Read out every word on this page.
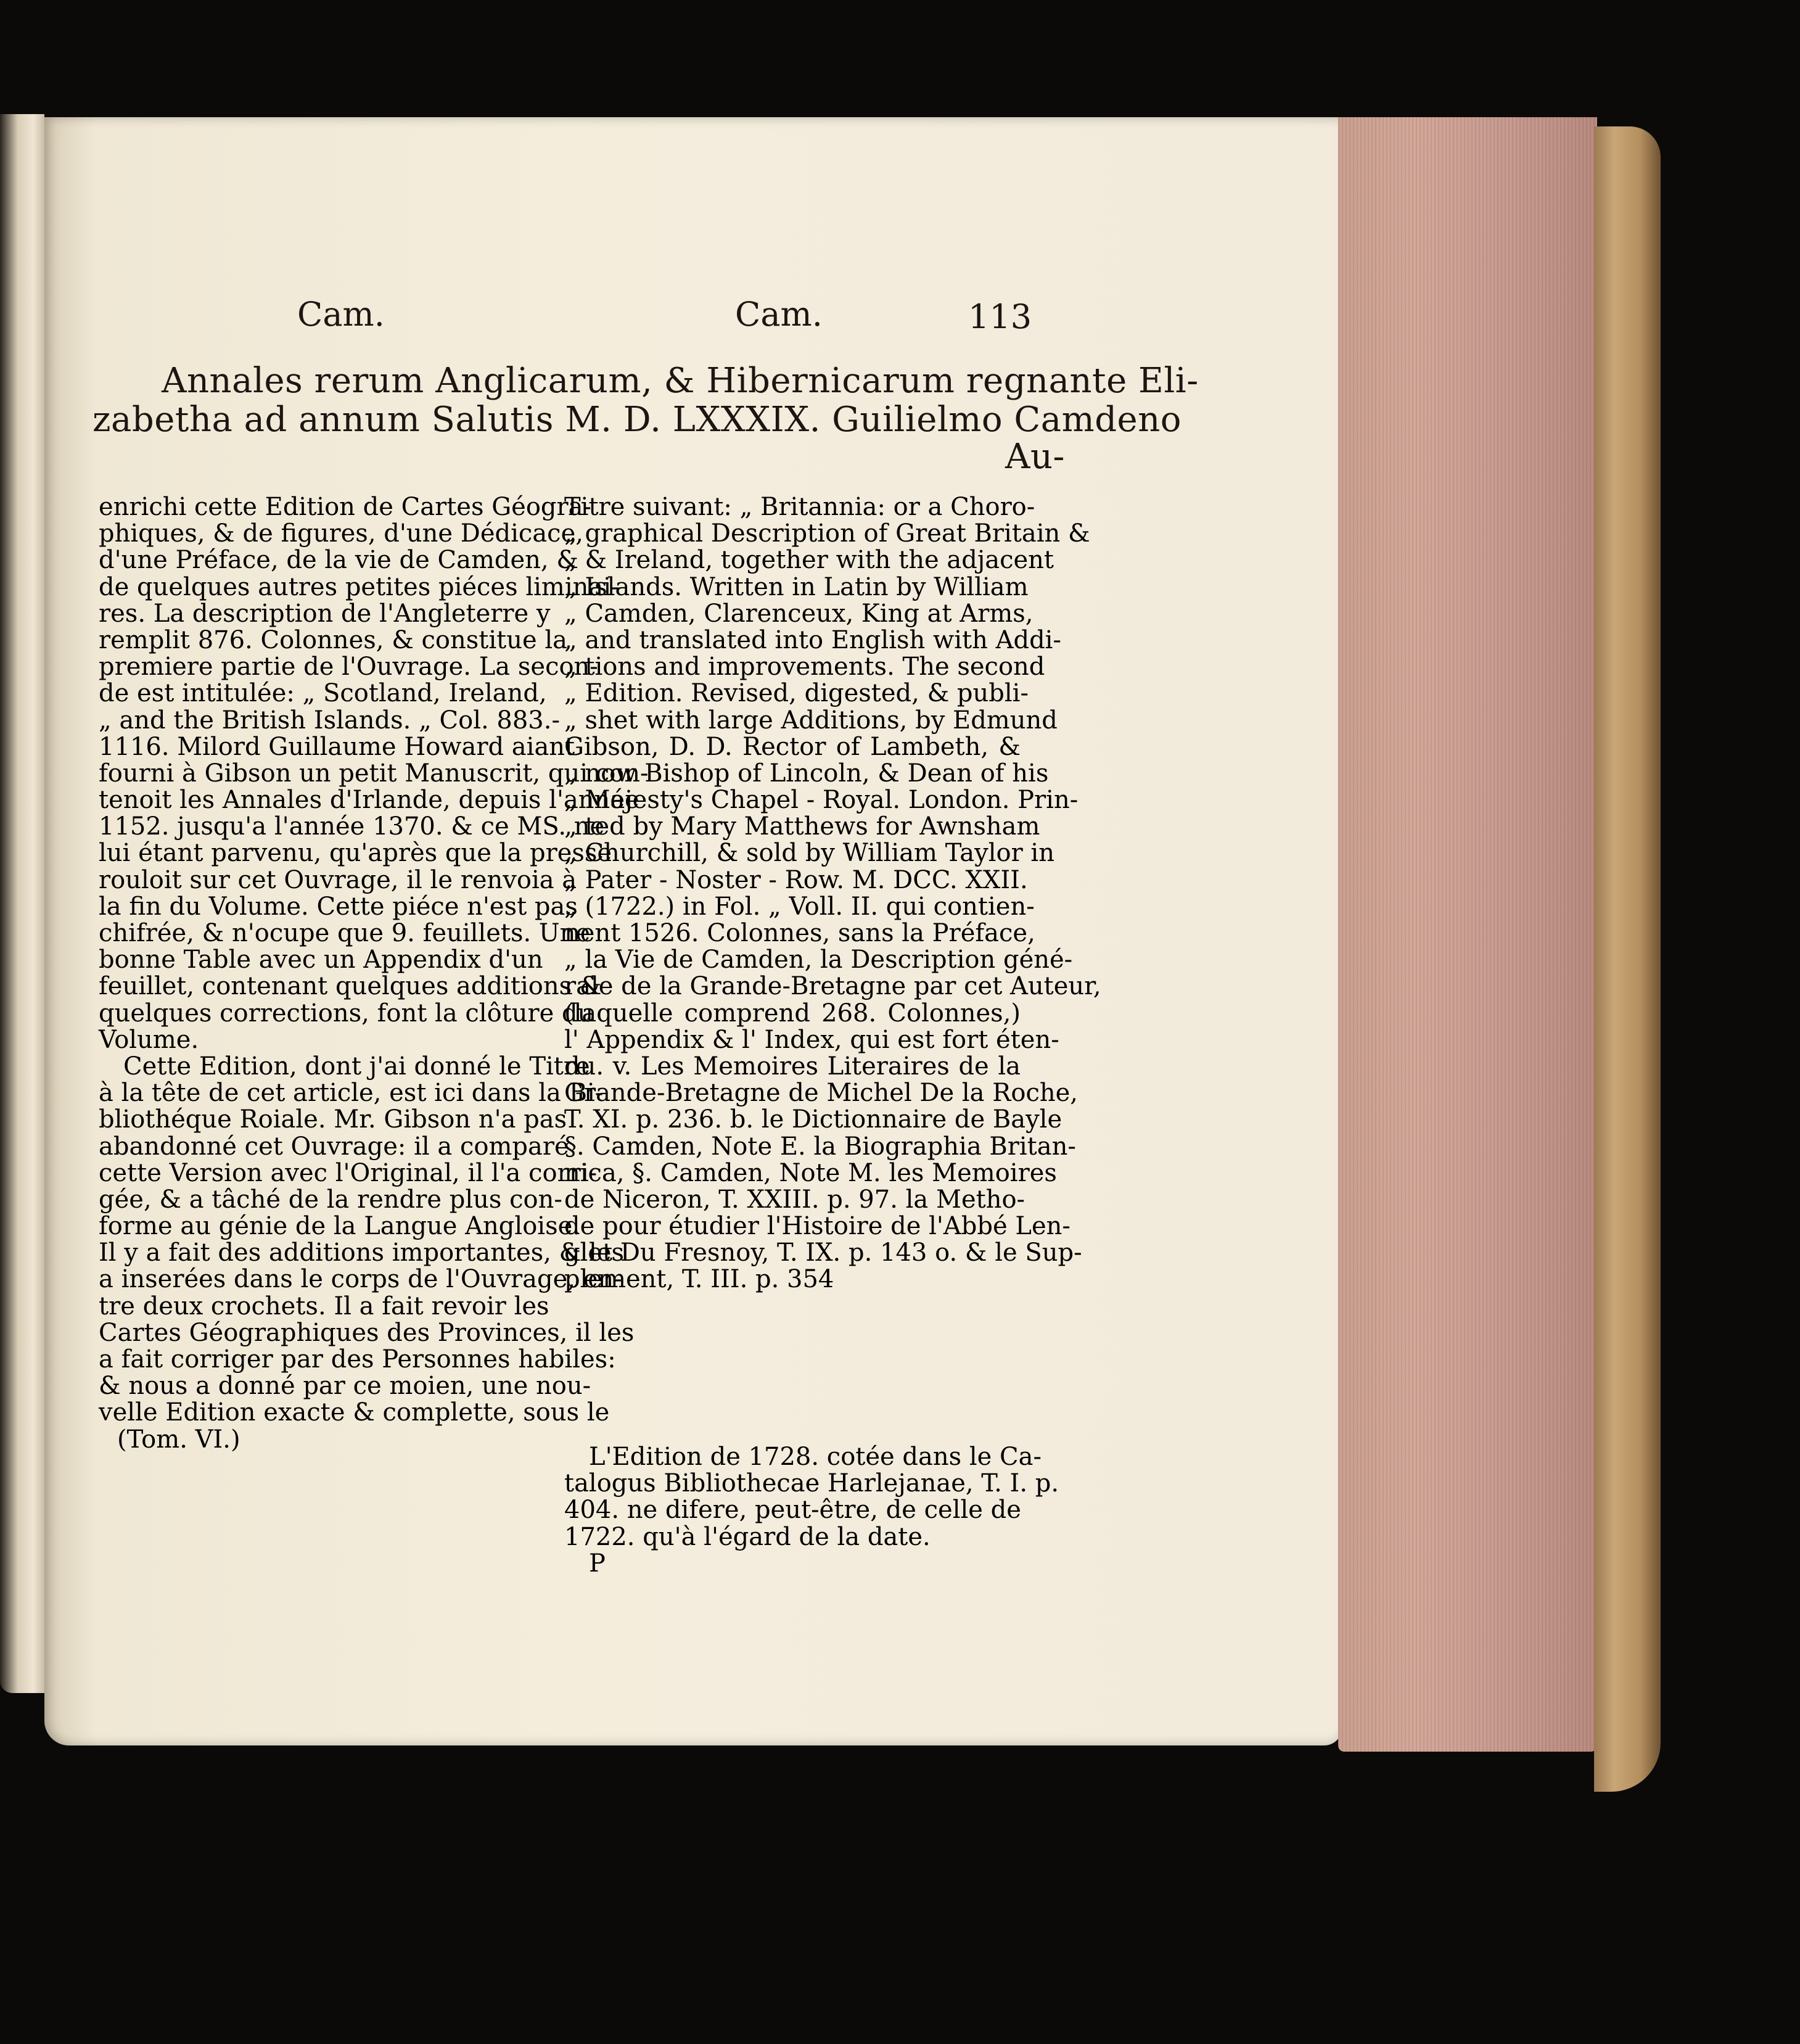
Cam.	Cam.	113
Annales rerum Anglicarum, & Hibernicarum regnante Eli-
zabetha ad annum Salutis M. D. LXXXIX. Guilielmo Camdeno
Au-
enrichi cette Edition de Cartes Géogra-
phiques, & de figures, d'une Dédicace,
d'une Préface, de la vie de Camden, &
de quelques autres petites piéces liminai-
res. La description de l'Angleterre y
remplit 876. Colonnes, & constitue la
premiere partie de l'Ouvrage. La secon-
de est intitulée: „ Scotland, Ireland,
„ and the British Islands. „ Col. 883.-
1116. Milord Guillaume Howard aiant
fourni à Gibson un petit Manuscrit, qui con-
tenoit les Annales d'Irlande, depuis l'année
1152. jusqu'a l'année 1370. & ce MS. ne
lui étant parvenu, qu'après que la presse
rouloit sur cet Ouvrage, il le renvoia à
la fin du Volume. Cette piéce n'est pas
chifrée, & n'ocupe que 9. feuillets. Une
bonne Table avec un Appendix d'un
feuillet, contenant quelques additions &
quelques corrections, font la clôture du
Volume.
Cette Edition, dont j'ai donné le Titre
à la tête de cet article, est ici dans la Bi-
bliothéque Roiale. Mr. Gibson n'a pas
abandonné cet Ouvrage: il a comparé
cette Version avec l'Original, il l'a corri-
gée, & a tâché de la rendre plus con-
forme au génie de la Langue Angloise.
Il y a fait des additions importantes, & les
a inserées dans le corps de l'Ouvrage, en-
tre deux crochets. Il a fait revoir les
Cartes Géographiques des Provinces, il les
a fait corriger par des Personnes habiles:
& nous a donné par ce moien, une nou-
velle Edition exacte & complette, sous le
(Tom. VI.)
Titre suivant: „ Britannia: or a Choro-
„ graphical Description of Great Britain &
„ & Ireland, together with the adjacent
„ Islands. Written in Latin by William
„ Camden, Clarenceux, King at Arms,
„ and translated into English with Addi-
„ tions and improvements. The second
„ Edition. Revised, digested, & publi-
„ shet with large Additions, by Edmund
Gibson, D. D. Rector of Lambeth, &
„ now Bishop of Lincoln, & Dean of his
„ Majesty's Chapel - Royal. London. Prin-
„ ted by Mary Matthews for Awnsham
„ Churchill, & sold by William Taylor in
„ Pater - Noster - Row. M. DCC. XXII.
„ (1722.) in Fol. „ Voll. II. qui contien-
nent 1526. Colonnes, sans la Préface,
„ la Vie de Camden, la Description géné-
rale de la Grande-Bretagne par cet Auteur,
(laquelle comprend 268. Colonnes,)
l' Appendix & l' Index, qui est fort éten-
du. v. Les Memoires Literaires de la
Grande-Bretagne de Michel De la Roche,
T. XI. p. 236. b. le Dictionnaire de Bayle
§. Camden, Note E. la Biographia Britan-
nica, §. Camden, Note M. les Memoires
de Niceron, T. XXIII. p. 97. la Metho-
de pour étudier l'Histoire de l'Abbé Len-
glet Du Fresnoy, T. IX. p. 143 o. & le Sup-
plement, T. III. p. 354
L'Edition de 1728. cotée dans le Ca-
talogus Bibliothecae Harlejanae, T. I. p.
404. ne difere, peut-être, de celle de
1722. qu'à l'égard de la date.
P
